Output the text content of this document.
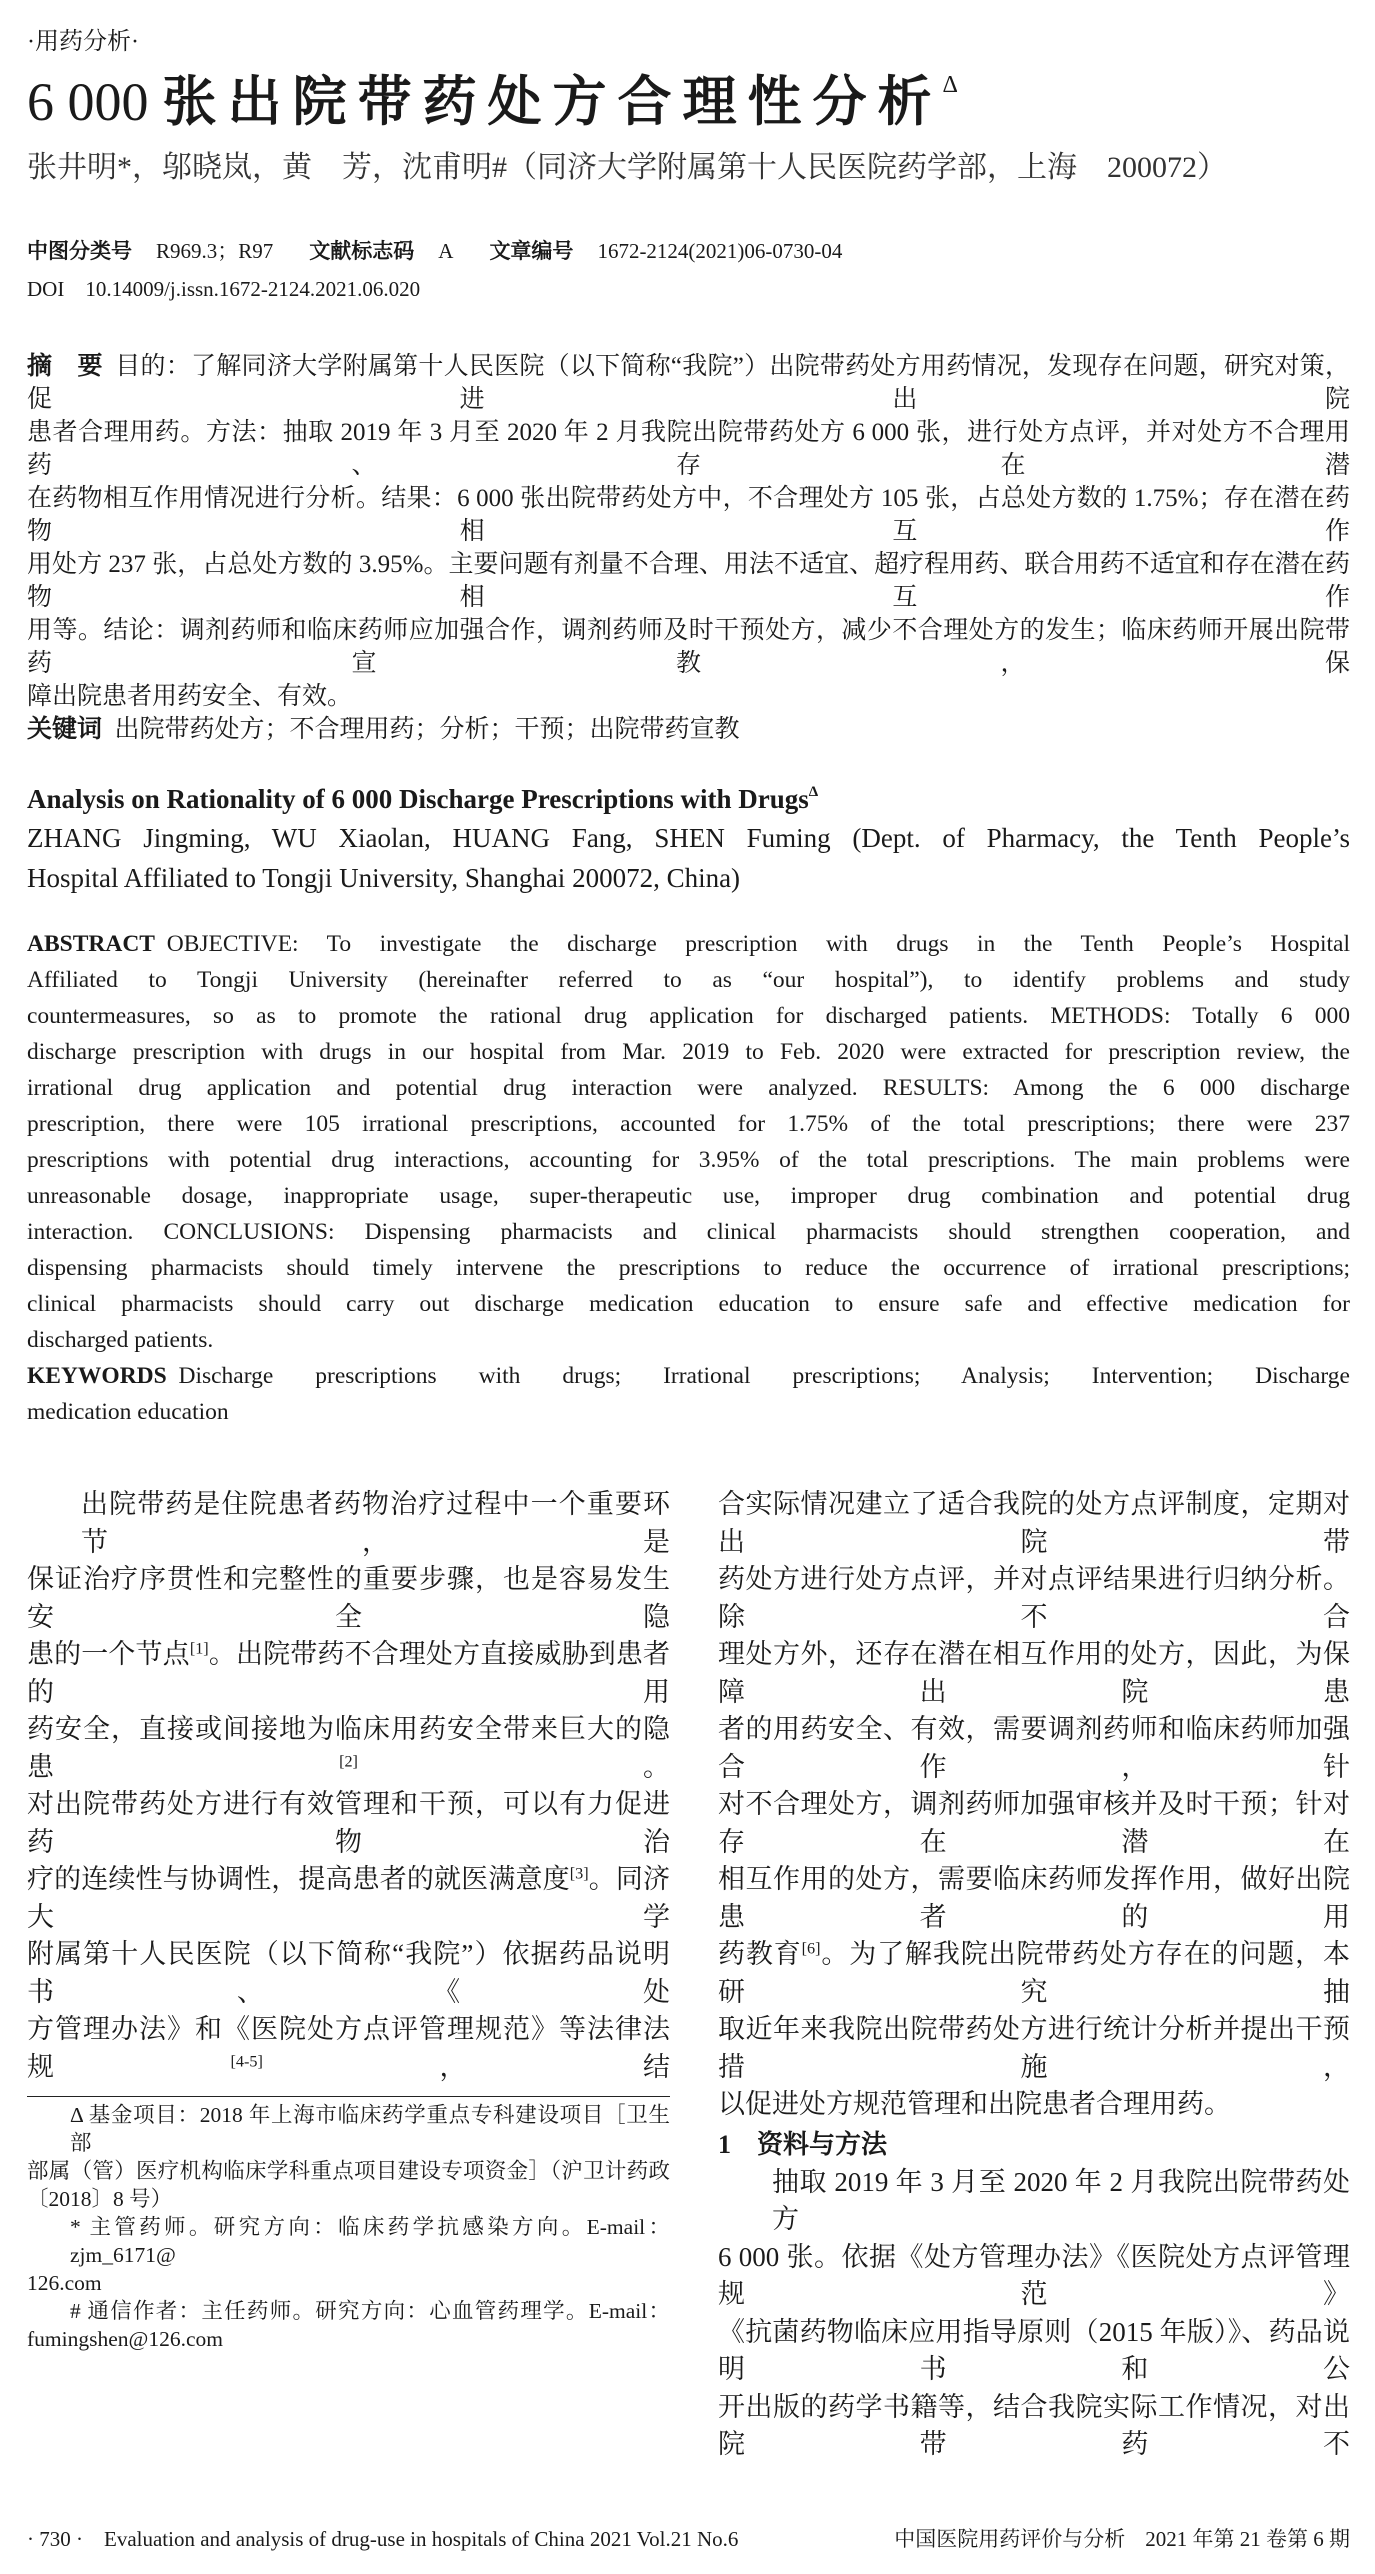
·用药分析·
6 000 张出院带药处方合理性分析$^\Delta$
张井明*，邬晓岚，黄　芳，沈甫明#（同济大学附属第十人民医院药学部，上海　200072）
中图分类号 R969.3；R97 文献标志码 A 文章编号 1672-2124(2021)06-0730-04
DOI　10.14009/j.issn.1672-2124.2021.06.020
摘　要 目的：了解同济大学附属第十人民医院（以下简称“我院”）出院带药处方用药情况，发现存在问题，研究对策，促进出院
患者合理用药。方法：抽取 2019 年 3 月至 2020 年 2 月我院出院带药处方 6 000 张，进行处方点评，并对处方不合理用药、存在潜
在药物相互作用情况进行分析。结果：6 000 张出院带药处方中，不合理处方 105 张，占总处方数的 1.75%；存在潜在药物相互作
用处方 237 张，占总处方数的 3.95%。主要问题有剂量不合理、用法不适宜、超疗程用药、联合用药不适宜和存在潜在药物相互作
用等。结论：调剂药师和临床药师应加强合作，调剂药师及时干预处方，减少不合理处方的发生；临床药师开展出院带药宣教，保
障出院患者用药安全、有效。
关键词 出院带药处方；不合理用药；分析；干预；出院带药宣教
Analysis on Rationality of 6 000 Discharge Prescriptions with Drugs$^\Delta$
ZHANG Jingming, WU Xiaolan, HUANG Fang, SHEN Fuming (Dept. of Pharmacy, the Tenth People’s
Hospital Affiliated to Tongji University, Shanghai 200072, China)
ABSTRACT OBJECTIVE: To investigate the discharge prescription with drugs in the Tenth People’s Hospital
Affiliated to Tongji University (hereinafter referred to as “our hospital”), to identify problems and study
countermeasures, so as to promote the rational drug application for discharged patients. METHODS: Totally 6 000
discharge prescription with drugs in our hospital from Mar. 2019 to Feb. 2020 were extracted for prescription review, the
irrational drug application and potential drug interaction were analyzed. RESULTS: Among the 6 000 discharge
prescription, there were 105 irrational prescriptions, accounted for 1.75% of the total prescriptions; there were 237
prescriptions with potential drug interactions, accounting for 3.95% of the total prescriptions. The main problems were
unreasonable dosage, inappropriate usage, super-therapeutic use, improper drug combination and potential drug
interaction. CONCLUSIONS: Dispensing pharmacists and clinical pharmacists should strengthen cooperation, and
dispensing pharmacists should timely intervene the prescriptions to reduce the occurrence of irrational prescriptions;
clinical pharmacists should carry out discharge medication education to ensure safe and effective medication for
discharged patients.
KEYWORDS Discharge prescriptions with drugs; Irrational prescriptions; Analysis; Intervention; Discharge
medication education
出院带药是住院患者药物治疗过程中一个重要环节，是
保证治疗序贯性和完整性的重要步骤，也是容易发生安全隐
患的一个节点[1]。出院带药不合理处方直接威胁到患者的用
药安全，直接或间接地为临床用药安全带来巨大的隐患[2]。
对出院带药处方进行有效管理和干预，可以有力促进药物治
疗的连续性与协调性，提高患者的就医满意度[3]。同济大学
附属第十人民医院（以下简称“我院”）依据药品说明书、《处
方管理办法》和《医院处方点评管理规范》等法律法规[4-5]，结
Δ 基金项目：2018 年上海市临床药学重点专科建设项目［卫生部
部属（管）医疗机构临床学科重点项目建设专项资金］（沪卫计药政
〔2018〕8 号）
* 主管药师。研究方向：临床药学抗感染方向。E-mail：zjm_6171@
126.com
# 通信作者：主任药师。研究方向：心血管药理学。E-mail：
fumingshen@126.com
合实际情况建立了适合我院的处方点评制度，定期对出院带
药处方进行处方点评，并对点评结果进行归纳分析。除不合
理处方外，还存在潜在相互作用的处方，因此，为保障出院患
者的用药安全、有效，需要调剂药师和临床药师加强合作，针
对不合理处方，调剂药师加强审核并及时干预；针对存在潜在
相互作用的处方，需要临床药师发挥作用，做好出院患者的用
药教育[6]。为了解我院出院带药处方存在的问题，本研究抽
取近年来我院出院带药处方进行统计分析并提出干预措施，
以促进处方规范管理和出院患者合理用药。
1 资料与方法
抽取 2019 年 3 月至 2020 年 2 月我院出院带药处方
6 000 张。依据《处方管理办法》《医院处方点评管理规范》
《抗菌药物临床应用指导原则（2015 年版）》、药品说明书和公
开出版的药学书籍等，结合我院实际工作情况，对出院带药不
· 730 ·　Evaluation and analysis of drug-use in hospitals of China 2021 Vol.21 No.6	中国医院用药评价与分析 2021 年第 21 卷第 6 期
